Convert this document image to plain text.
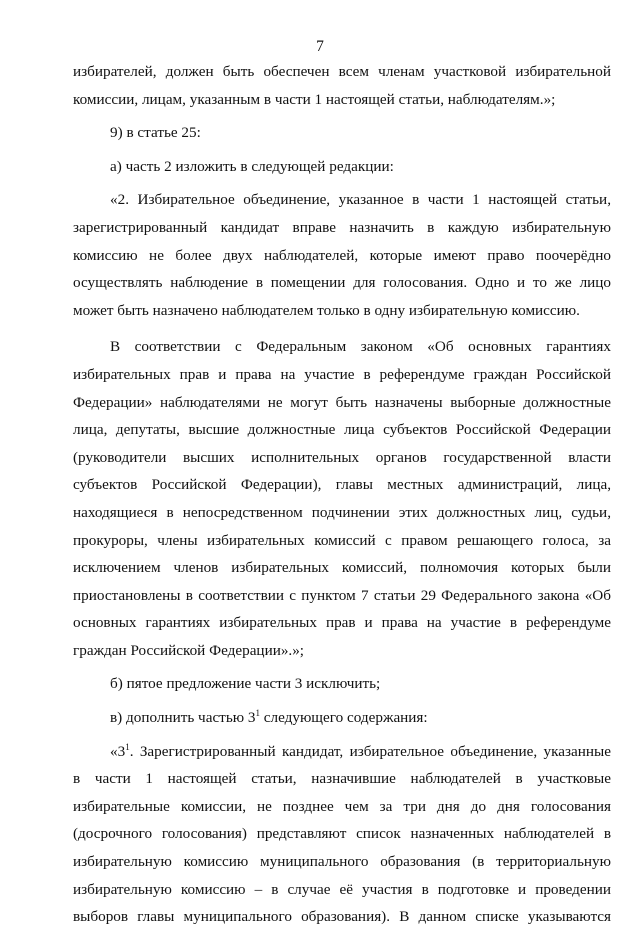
7
избирателей, должен быть обеспечен всем членам участковой избирательной
комиссии, лицам, указанным в части 1 настоящей статьи, наблюдателям.»;
9) в статье 25:
а) часть 2 изложить в следующей редакции:
«2. Избирательное объединение, указанное в части 1 настоящей статьи,
зарегистрированный кандидат вправе назначить в каждую избирательную
комиссию не более двух наблюдателей, которые имеют право поочерёдно
осуществлять наблюдение в помещении для голосования. Одно и то же лицо
может быть назначено наблюдателем только в одну избирательную комиссию.
В соответствии с Федеральным законом «Об основных гарантиях
избирательных прав и права на участие в референдуме граждан Российской
Федерации» наблюдателями не могут быть назначены выборные должностные
лица, депутаты, высшие должностные лица субъектов Российской Федерации
(руководители высших исполнительных органов государственной власти
субъектов Российской Федерации), главы местных администраций, лица,
находящиеся в непосредственном подчинении этих должностных лиц, судьи,
прокуроры, члены избирательных комиссий с правом решающего голоса, за
исключением членов избирательных комиссий, полномочия которых были
приостановлены в соответствии с пунктом 7 статьи 29 Федерального закона «Об
основных гарантиях избирательных прав и права на участие в референдуме
граждан Российской Федерации».»;
б) пятое предложение части 3 исключить;
в) дополнить частью $3^1$ следующего содержания:
«$3^1$. Зарегистрированный кандидат, избирательное объединение, указанные
в части 1 настоящей статьи, назначившие наблюдателей в участковые
избирательные комиссии, не позднее чем за три дня до дня голосования
(досрочного голосования) представляют список назначенных наблюдателей в
избирательную комиссию муниципального образования (в территориальную
избирательную комиссию – в случае её участия в подготовке и проведении
выборов главы муниципального образования). В данном списке указываются
